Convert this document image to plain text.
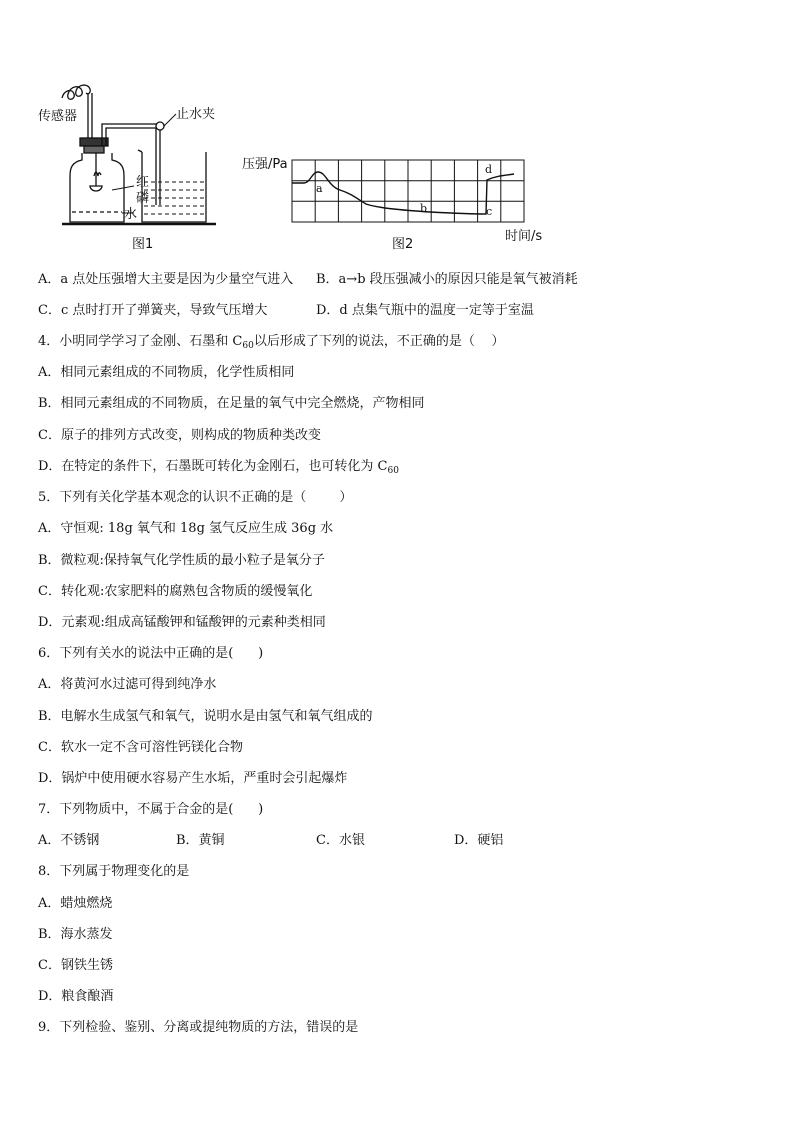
传感器	止水夹
红
磷
水
图1
压强/Pa
时间/s
图2
a
b	c
d
A．a 点处压强增大主要是因为少量空气进入 B．a→b 段压强减小的原因只能是氧气被消耗
C．c 点时打开了弹簧夹，导致气压增大	D．d 点集气瓶中的温度一定等于室温
4．小明同学学习了金刚、石墨和 $C_{60}$以后形成了下列的说法，不正确的是（    ）
A．相同元素组成的不同物质，化学性质相同
B．相同元素组成的不同物质，在足量的氧气中完全燃烧，产物相同
C．原子的排列方式改变，则构成的物质种类改变
D．在特定的条件下，石墨既可转化为金刚石，也可转化为 $C_{60}$
5．下列有关化学基本观念的认识不正确的是（        ）
A．守恒观: 18g 氧气和 18g 氢气反应生成 36g 水
B．微粒观:保持氧气化学性质的最小粒子是氧分子
C．转化观:农家肥料的腐熟包含物质的缓慢氧化
D．元素观:组成高锰酸钾和锰酸钾的元素种类相同
6．下列有关水的说法中正确的是(      )
A．将黄河水过滤可得到纯净水
B．电解水生成氢气和氧气，说明水是由氢气和氧气组成的
C．软水一定不含可溶性钙镁化合物
D．锅炉中使用硬水容易产生水垢，严重时会引起爆炸
7．下列物质中，不属于合金的是(      )
A．不锈钢	B．黄铜	C．水银	D．硬铝
8．下列属于物理变化的是
A．蜡烛燃烧
B．海水蒸发
C．钢铁生锈
D．粮食酿酒
9．下列检验、鉴别、分离或提纯物质的方法，错误的是
